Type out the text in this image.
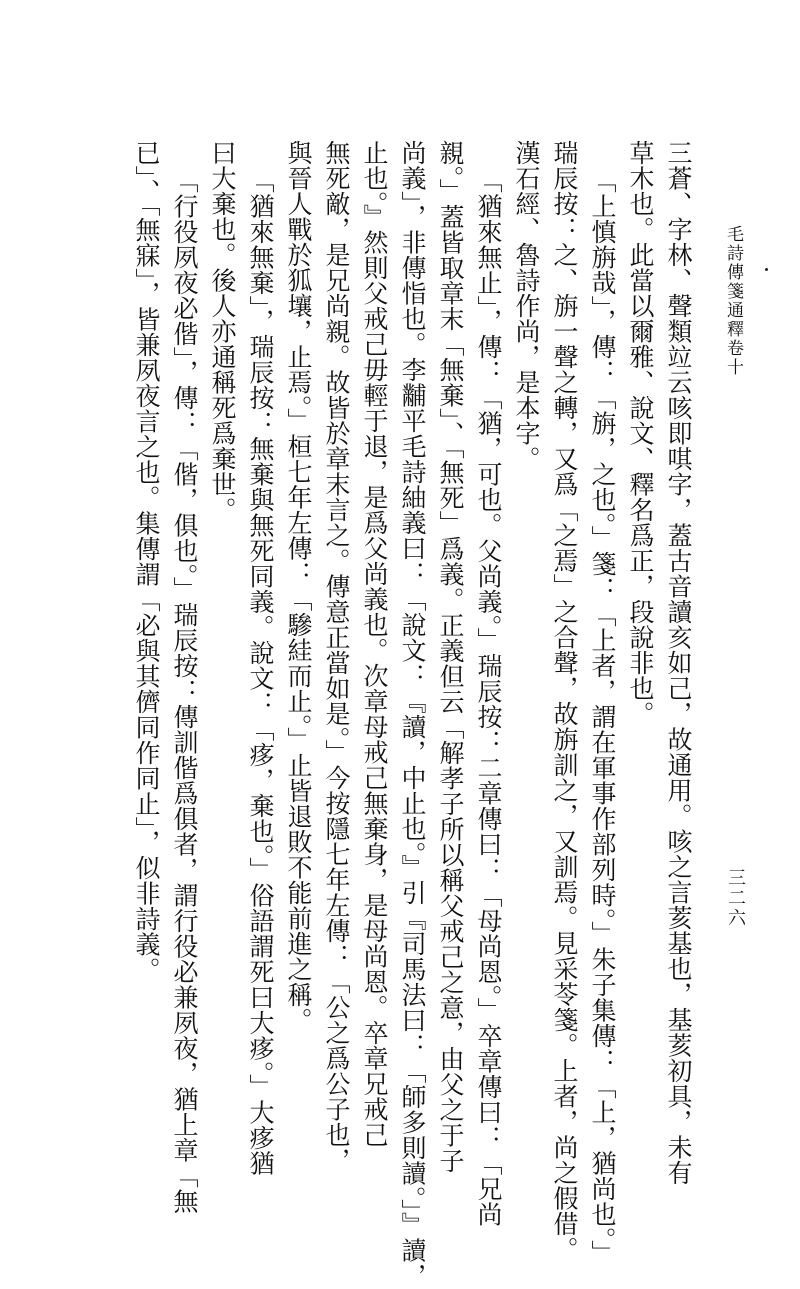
毛詩傳箋通釋卷十
三二六
三蒼、字林、聲類竝云咳即唭字，蓋古音讀亥如己，故通用。咳之言荄基也，基荄初具，未有
草木也。此當以爾雅、說文、釋名爲正，段說非也。
「上慎旃哉」，傳：「旃，之也。」箋：「上者，謂在軍事作部列時。」朱子集傳：「上，猶尚也。」
瑞辰按：之、旃一聲之轉，又爲「之焉」之合聲，故旃訓之，又訓焉。見采苓箋。上者，尚之假借。
漢石經、魯詩作尚，是本字。
「猶來無止」，傳：「猶，可也。父尚義。」瑞辰按：二章傳曰：「母尚恩。」卒章傳曰：「兄尚
親。」蓋皆取章末「無棄」、「無死」爲義。正義但云「解孝子所以稱父戒己之意，由父之于子
尚義」，非傳恉也。李黼平毛詩紬義曰：「說文：『讀，中止也。』引『司馬法曰：「師多則讀。」』讀，
止也。』然則父戒己毋輕于退，是爲父尚義也。次章母戒己無棄身，是母尚恩。卒章兄戒己
無死敵，是兄尚親。故皆於章末言之。傳意正當如是。」今按隱七年左傳：「公之爲公子也，
與晉人戰於狐壤，止焉。」桓七年左傳：「驂絓而止。」止皆退敗不能前進之稱。
「猶來無棄」，瑞辰按：無棄與無死同義。說文：「痑，棄也。」俗語謂死曰大痑。」大痑猶
曰大棄也。後人亦通稱死爲棄世。
「行役夙夜必偕」，傳：「偕，俱也。」瑞辰按：傳訓偕爲俱者，謂行役必兼夙夜，猶上章「無
已」、「無寐」，皆兼夙夜言之也。集傳謂「必與其儕同作同止」，似非詩義。
